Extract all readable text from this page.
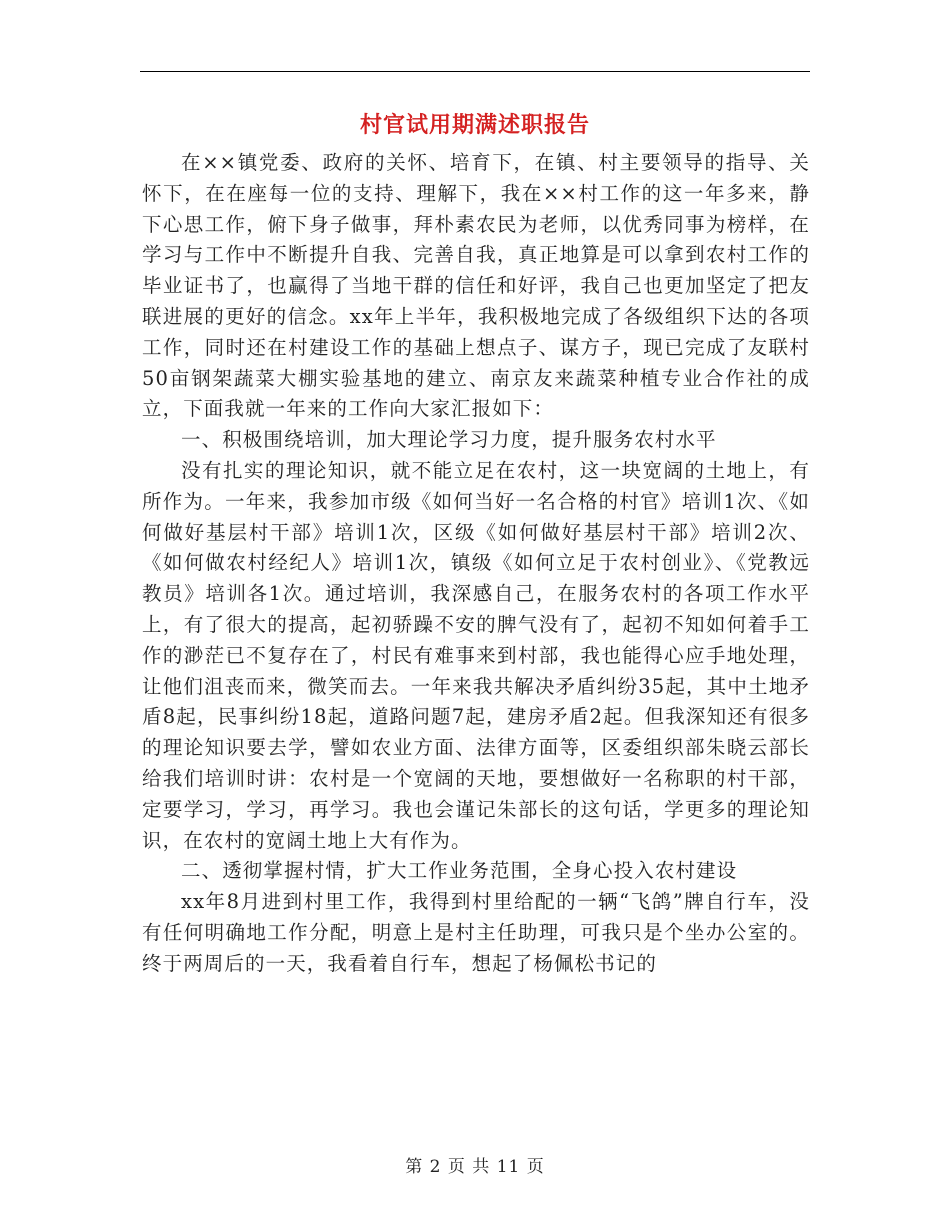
村官试用期满述职报告

在××镇党委、政府的关怀、培育下，在镇、村主要领导的指导、关怀下，在在座每一位的支持、理解下，我在××村工作的这一年多来，静下心思工作，俯下身子做事，拜朴素农民为老师，以优秀同事为榜样，在学习与工作中不断提升自我、完善自我，真正地算是可以拿到农村工作的毕业证书了，也赢得了当地干群的信任和好评，我自己也更加坚定了把友联进展的更好的信念。xx年上半年，我积极地完成了各级组织下达的各项工作，同时还在村建设工作的基础上想点子、谋方子，现已完成了友联村50亩钢架蔬菜大棚实验基地的建立、南京友来蔬菜种植专业合作社的成立，下面我就一年来的工作向大家汇报如下：

一、积极围绕培训，加大理论学习力度，提升服务农村水平

没有扎实的理论知识，就不能立足在农村，这一块宽阔的土地上，有所作为。一年来，我参加市级《如何当好一名合格的村官》培训1次、《如何做好基层村干部》培训1次，区级《如何做好基层村干部》培训2次、《如何做农村经纪人》培训1次，镇级《如何立足于农村创业》、《党教远教员》培训各1次。通过培训，我深感自己，在服务农村的各项工作水平上，有了很大的提高，起初骄躁不安的脾气没有了，起初不知如何着手工作的渺茫已不复存在了，村民有难事来到村部，我也能得心应手地处理，让他们沮丧而来，微笑而去。一年来我共解决矛盾纠纷35起，其中土地矛盾8起，民事纠纷18起，道路问题7起，建房矛盾2起。但我深知还有很多的理论知识要去学，譬如农业方面、法律方面等，区委组织部朱晓云部长给我们培训时讲：农村是一个宽阔的天地，要想做好一名称职的村干部，定要学习，学习，再学习。我也会谨记朱部长的这句话，学更多的理论知识，在农村的宽阔土地上大有作为。

二、透彻掌握村情，扩大工作业务范围，全身心投入农村建设

xx年8月进到村里工作，我得到村里给配的一辆“飞鸽”牌自行车，没有任何明确地工作分配，明意上是村主任助理，可我只是个坐办公室的。终于两周后的一天，我看着自行车，想起了杨佩松书记的

第 2 页 共 11 页
